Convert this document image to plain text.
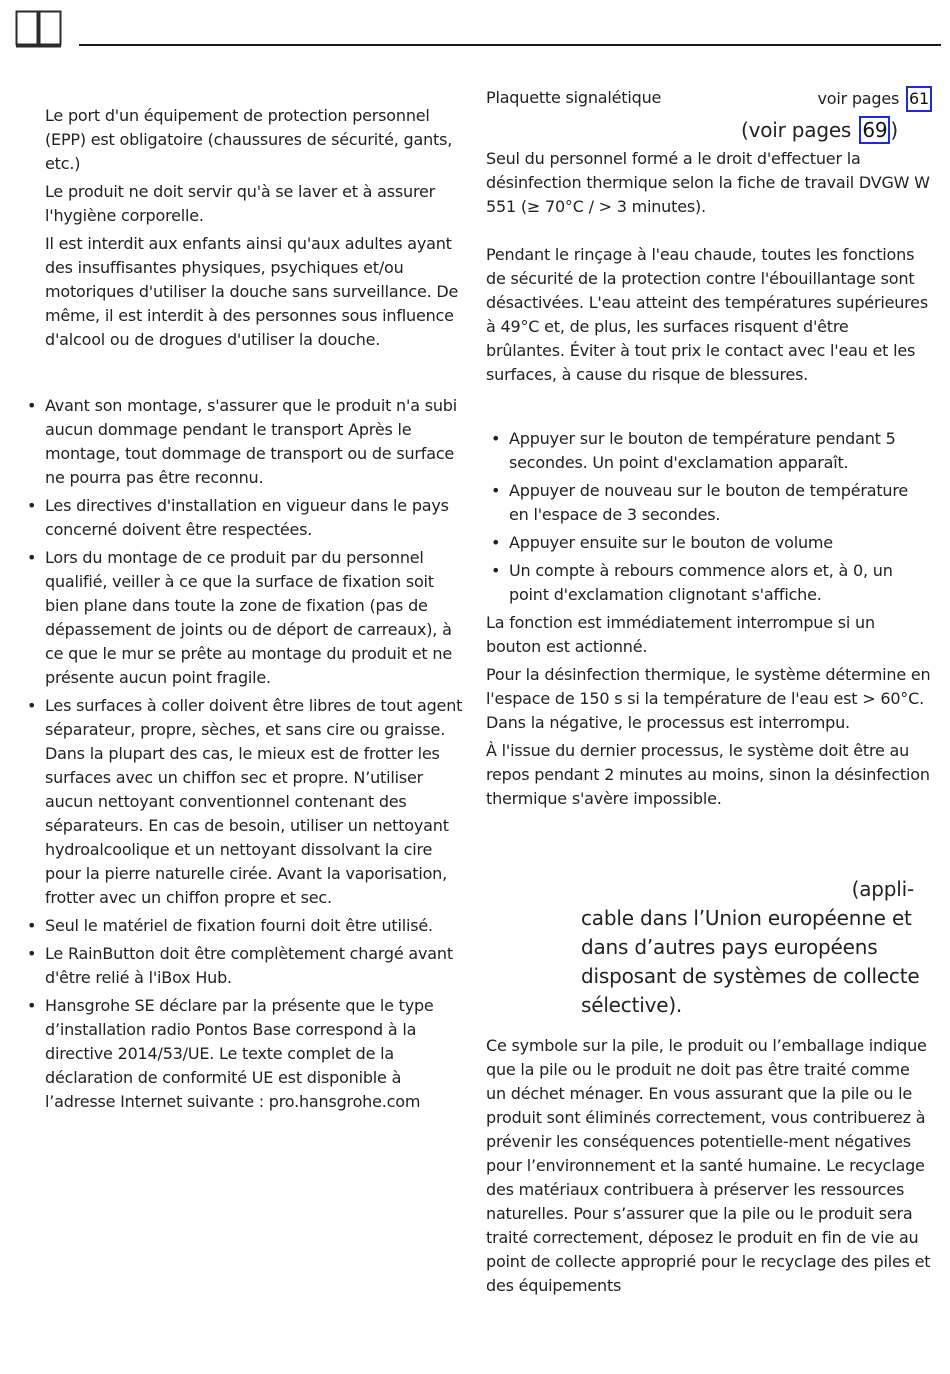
Le port d'un équipement de protection personnel (EPP) est obligatoire (chaussures de sécurité, gants, etc.)

Le produit ne doit servir qu'à se laver et à assurer l'hygiène corporelle.

Il est interdit aux enfants ainsi qu'aux adultes ayant des insuffisantes physiques, psychiques et/ou motoriques d'utiliser la douche sans surveillance. De même, il est interdit à des personnes sous influence d'alcool ou de drogues d'utiliser la douche.

• Avant son montage, s'assurer que le produit n'a subi aucun dommage pendant le transport Après le montage, tout dommage de transport ou de surface ne pourra pas être reconnu.
• Les directives d'installation en vigueur dans le pays concerné doivent être respectées.
• Lors du montage de ce produit par du personnel qualifié, veiller à ce que la surface de fixation soit bien plane dans toute la zone de fixation (pas de dépassement de joints ou de déport de carreaux), à ce que le mur se prête au montage du produit et ne présente aucun point fragile.
• Les surfaces à coller doivent être libres de tout agent séparateur, propre, sèches, et sans cire ou graisse. Dans la plupart des cas, le mieux est de frotter les surfaces avec un chiffon sec et propre. N’utiliser aucun nettoyant conventionnel contenant des séparateurs. En cas de besoin, utiliser un nettoyant hydroalcoolique et un nettoyant dissolvant la cire pour la pierre naturelle cirée. Avant la vaporisation, frotter avec un chiffon propre et sec.
• Seul le matériel de fixation fourni doit être utilisé.
• Le RainButton doit être complètement chargé avant d'être relié à l'iBox Hub.
• Hansgrohe SE déclare par la présente que le type d’installation radio Pontos Base correspond à la directive 2014/53/UE. Le texte complet de la déclaration de conformité UE est disponible à l’adresse Internet suivante : pro.hansgrohe.com
Plaquette signalétique	voir pages 61
(voir pages 69 )

Seul du personnel formé a le droit d'effectuer la désinfection thermique selon la fiche de travail DVGW W 551 (≥ 70°C / > 3 minutes).

Pendant le rinçage à l'eau chaude, toutes les fonctions de sécurité de la protection contre l'ébouillantage sont désactivées. L'eau atteint des températures supérieures à 49°C et, de plus, les surfaces risquent d'être brûlantes. Éviter à tout prix le contact avec l'eau et les surfaces, à cause du risque de blessures.

• Appuyer sur le bouton de température pendant 5 secondes. Un point d'exclamation apparaît.
• Appuyer de nouveau sur le bouton de température en l'espace de 3 secondes.
• Appuyer ensuite sur le bouton de volume
• Un compte à rebours commence alors et, à 0, un point d'exclamation clignotant s'affiche.

La fonction est immédiatement interrompue si un bouton est actionné.

Pour la désinfection thermique, le système détermine en l'espace de 150 s si la température de l'eau est > 60°C. Dans la négative, le processus est interrompu.

À l'issue du dernier processus, le système doit être au repos pendant 2 minutes au moins, sinon la désinfection thermique s'avère impossible.

(appli-
cable dans l’Union européenne et dans d’autres pays européens disposant de systèmes de collecte sélective).

Ce symbole sur la pile, le produit ou l’emballage indique que la pile ou le produit ne doit pas être traité comme un déchet ménager. En vous assurant que la pile ou le produit sont éliminés correctement, vous contribuerez à prévenir les conséquences potentielle-ment négatives pour l’environnement et la santé humaine. Le recyclage des matériaux contribuera à préserver les ressources naturelles. Pour s’assurer que la pile ou le produit sera traité correctement, déposez le produit en fin de vie au point de collecte approprié pour le recyclage des piles et des équipements
